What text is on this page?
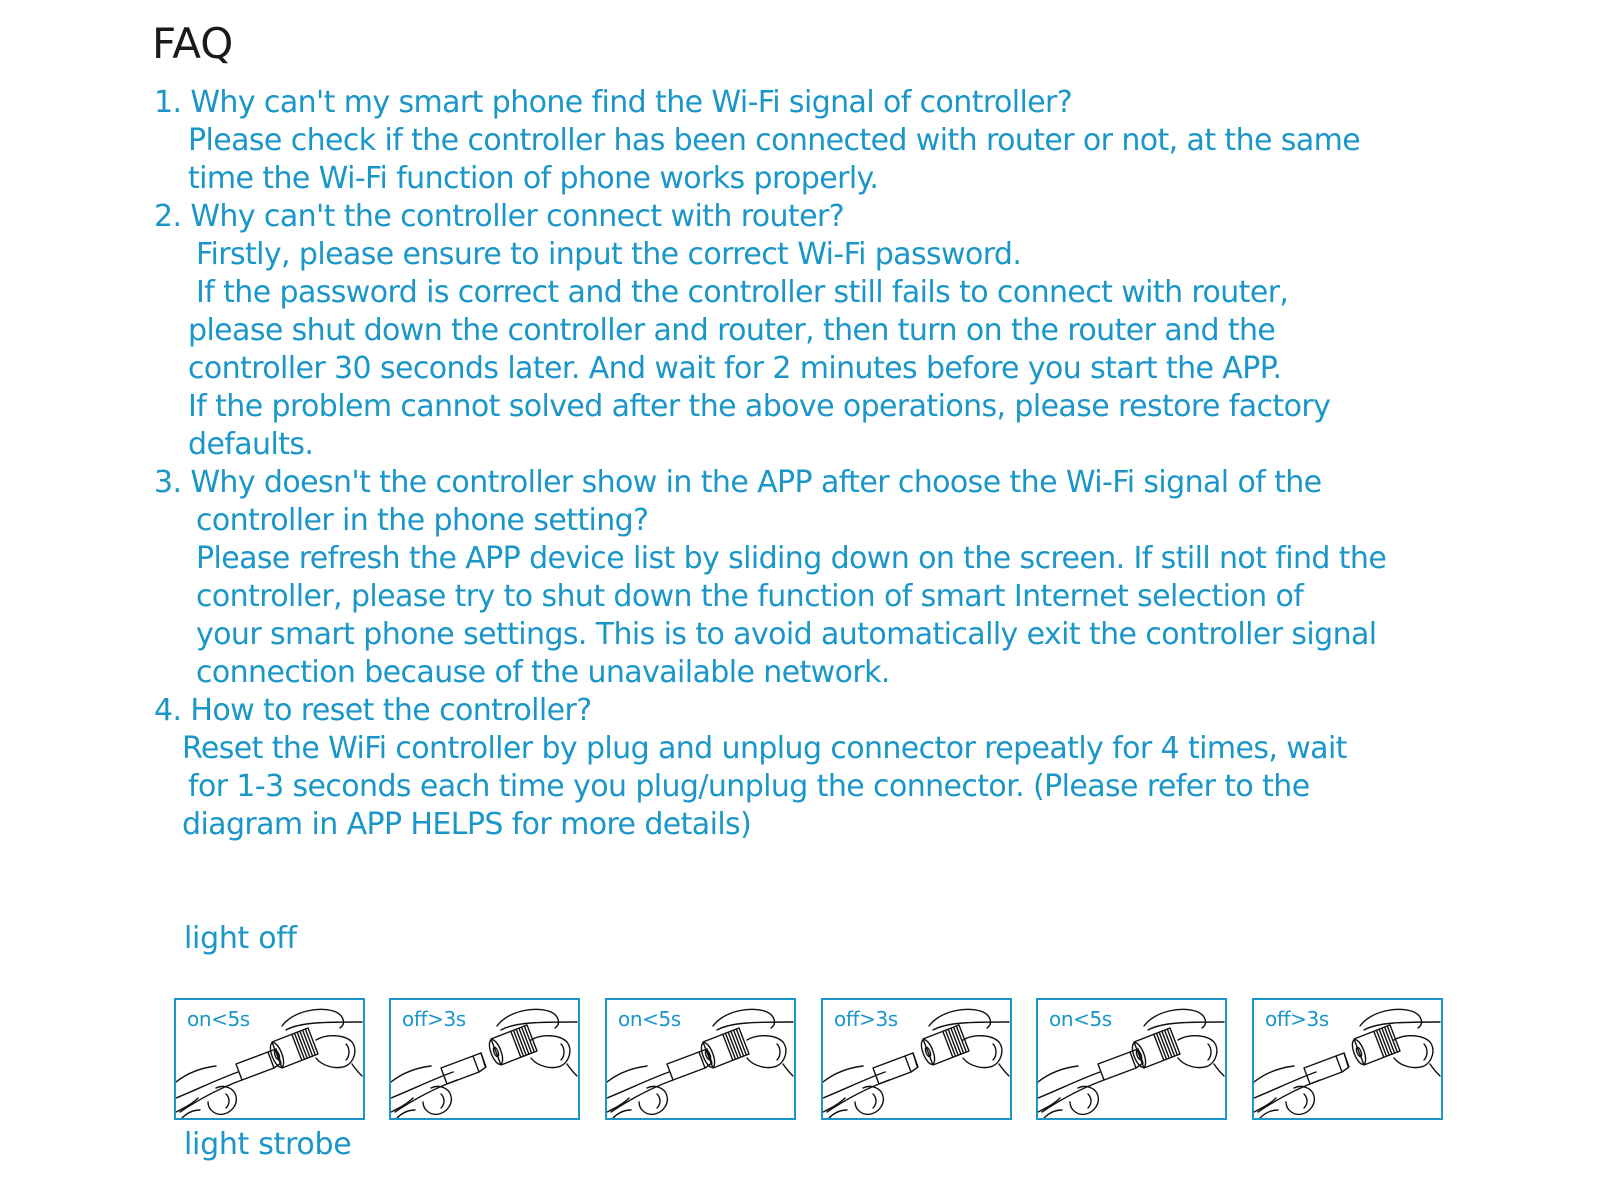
FAQ
1. Why can't my smart phone find the Wi-Fi signal of controller?
Please check if the controller has been connected with router or not, at the same
time the Wi-Fi function of phone works properly.
2. Why can't the controller connect with router?
Firstly, please ensure to input the correct Wi-Fi password.
If the password is correct and the controller still fails to connect with router,
please shut down the controller and router, then turn on the router and the
controller 30 seconds later. And wait for 2 minutes before you start the APP.
If the problem cannot solved after the above operations, please restore factory
defaults.
3. Why doesn't the controller show in the APP after choose the Wi-Fi signal of the
controller in the phone setting?
Please refresh the APP device list by sliding down on the screen. If still not find the
controller, please try to shut down the function of smart Internet selection of
your smart phone settings. This is to avoid automatically exit the controller signal
connection because of the unavailable network.
4. How to reset the controller?
Reset the WiFi controller by plug and unplug connector repeatly for 4 times, wait
for 1-3 seconds each time you plug/unplug the connector. (Please refer to the
diagram in APP HELPS for more details)
light off
on<5s	off>3s	on<5s	off>3s	on<5s	off>3s
light strobe
